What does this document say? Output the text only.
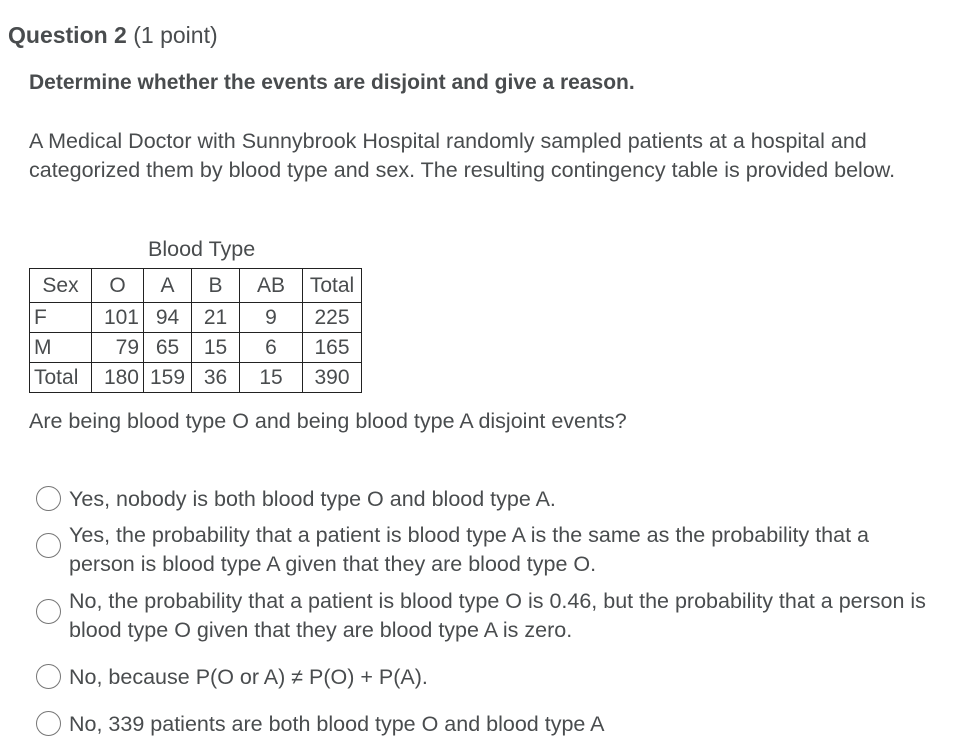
Question 2 (1 point)
Determine whether the events are disjoint and give a reason.
A Medical Doctor with Sunnybrook Hospital randomly sampled patients at a hospital and categorized them by blood type and sex. The resulting contingency table is provided below.
Blood Type
Sex	O	A	B	AB	Total
F	101	94	21	9	225
M	79	65	15	6	165
Total	180	159	36	15	390
Are being blood type O and being blood type A disjoint events?
Yes, nobody is both blood type O and blood type A.
Yes, the probability that a patient is blood type A is the same as the probability that a person is blood type A given that they are blood type O.
No, the probability that a patient is blood type O is 0.46, but the probability that a person is blood type O given that they are blood type A is zero.
No, because P(O or A) ≠ P(O) + P(A).
No, 339 patients are both blood type O and blood type A
